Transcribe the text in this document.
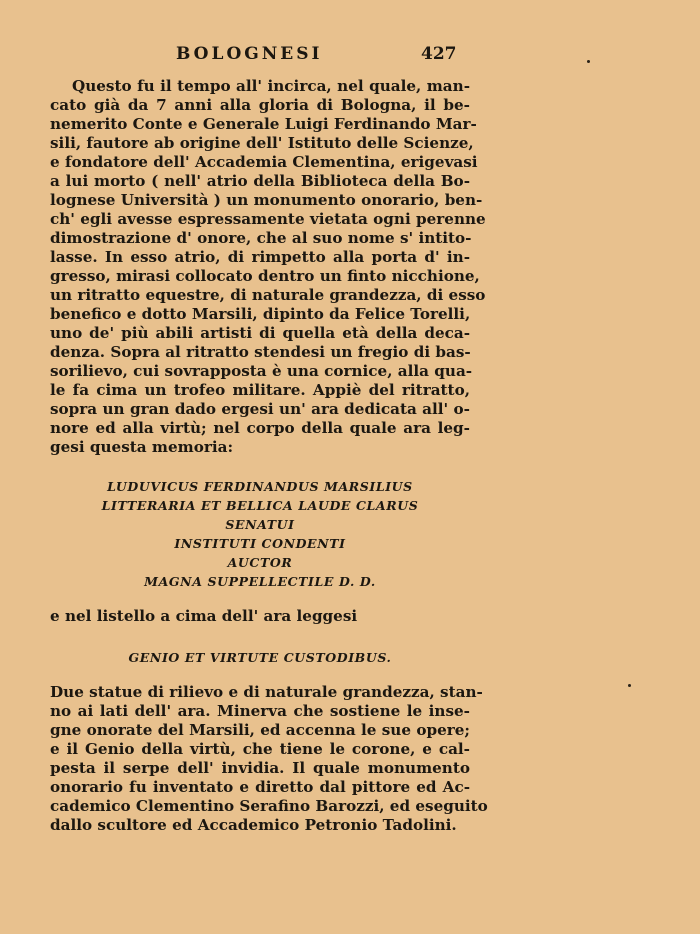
BOLOGNESI	427
Questo fu il tempo all' incirca, nel quale, man-
cato già da 7 anni alla gloria di Bologna, il be-
nemerito Conte e Generale Luigi Ferdinando Mar-
sili, fautore ab origine dell' Istituto delle Scienze,
e fondatore dell' Accademia Clementina, erigevasi
a lui morto ( nell' atrio della Biblioteca della Bo-
lognese Università ) un monumento onorario, ben-
ch' egli avesse espressamente vietata ogni perenne
dimostrazione d' onore, che al suo nome s' intito-
lasse. In esso atrio, di rimpetto alla porta d' in-
gresso, mirasi collocato dentro un finto nicchione,
un ritratto equestre, di naturale grandezza, di esso
benefico e dotto Marsili, dipinto da Felice Torelli,
uno de' più abili artisti di quella età della deca-
denza. Sopra al ritratto stendesi un fregio di bas-
sorilievo, cui sovrapposta è una cornice, alla qua-
le fa cima un trofeo militare. Appiè del ritratto,
sopra un gran dado ergesi un' ara dedicata all' o-
nore ed alla virtù; nel corpo della quale ara leg-
gesi questa memoria:
LUDUVICUS FERDINANDUS MARSILIUS
LITTERARIA ET BELLICA LAUDE CLARUS
SENATUI
INSTITUTI CONDENTI
AUCTOR
MAGNA SUPPELLECTILE D. D.
e nel listello a cima dell' ara leggesi
GENIO ET VIRTUTE CUSTODIBUS.
Due statue di rilievo e di naturale grandezza, stan-
no ai lati dell' ara. Minerva che sostiene le inse-
gne onorate del Marsili, ed accenna le sue opere;
e il Genio della virtù, che tiene le corone, e cal-
pesta il serpe dell' invidia. Il quale monumento
onorario fu inventato e diretto dal pittore ed Ac-
cademico Clementino Serafino Barozzi, ed eseguito
dallo scultore ed Accademico Petronio Tadolini.
